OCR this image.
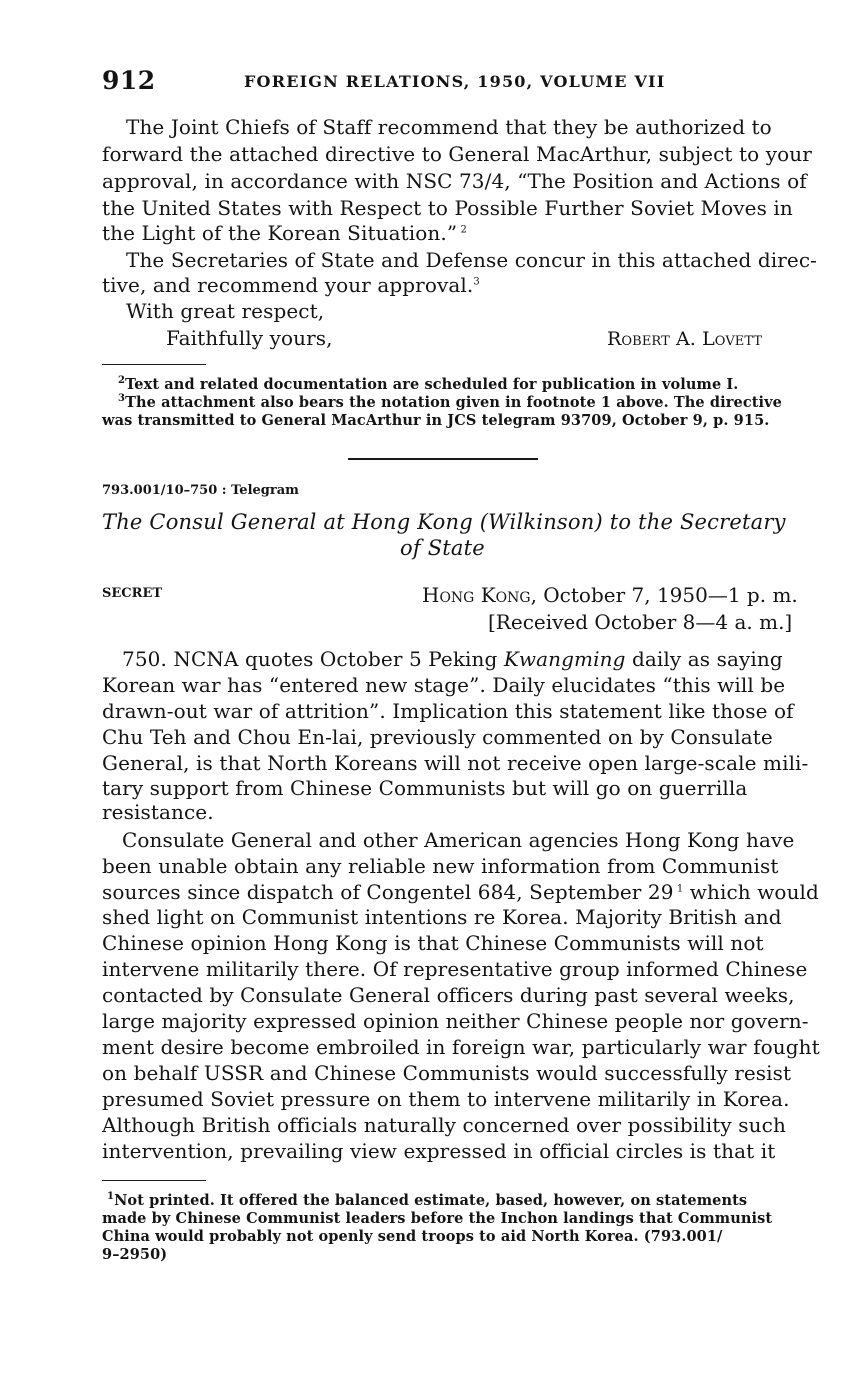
912	FOREIGN RELATIONS, 1950, VOLUME VII
The Joint Chiefs of Staff recommend that they be authorized to
forward the attached directive to General MacArthur, subject to your
approval, in accordance with NSC 73/4, “The Position and Actions of
the United States with Respect to Possible Further Soviet Moves in
the Light of the Korean Situation.” $^2$
The Secretaries of State and Defense concur in this attached direc-
tive, and recommend your approval.$^3$
With great respect,
Faithfully yours,	Robert A. Lovett
$^2$Text and related documentation are scheduled for publication in volume I.
$^3$The attachment also bears the notation given in footnote 1 above. The directive
was transmitted to General MacArthur in JCS telegram 93709, October 9, p. 915.
793.001/10–750 : Telegram
The Consul General at Hong Kong (Wilkinson) to the Secretary
of State
SECRET	Hong Kong, October 7, 1950—1 p. m.
[Received October 8—4 a. m.]
750. NCNA quotes October 5 Peking Kwangming daily as saying
Korean war has “entered new stage”. Daily elucidates “this will be
drawn-out war of attrition”. Implication this statement like those of
Chu Teh and Chou En-lai, previously commented on by Consulate
General, is that North Koreans will not receive open large-scale mili-
tary support from Chinese Communists but will go on guerrilla
resistance.
Consulate General and other American agencies Hong Kong have
been unable obtain any reliable new information from Communist
sources since dispatch of Congentel 684, September 29 $^1$ which would
shed light on Communist intentions re Korea. Majority British and
Chinese opinion Hong Kong is that Chinese Communists will not
intervene militarily there. Of representative group informed Chinese
contacted by Consulate General officers during past several weeks,
large majority expressed opinion neither Chinese people nor govern-
ment desire become embroiled in foreign war, particularly war fought
on behalf USSR and Chinese Communists would successfully resist
presumed Soviet pressure on them to intervene militarily in Korea.
Although British officials naturally concerned over possibility such
intervention, prevailing view expressed in official circles is that it
$^1$Not printed. It offered the balanced estimate, based, however, on statements
made by Chinese Communist leaders before the Inchon landings that Communist
China would probably not openly send troops to aid North Korea. (793.001/
9–2950)
